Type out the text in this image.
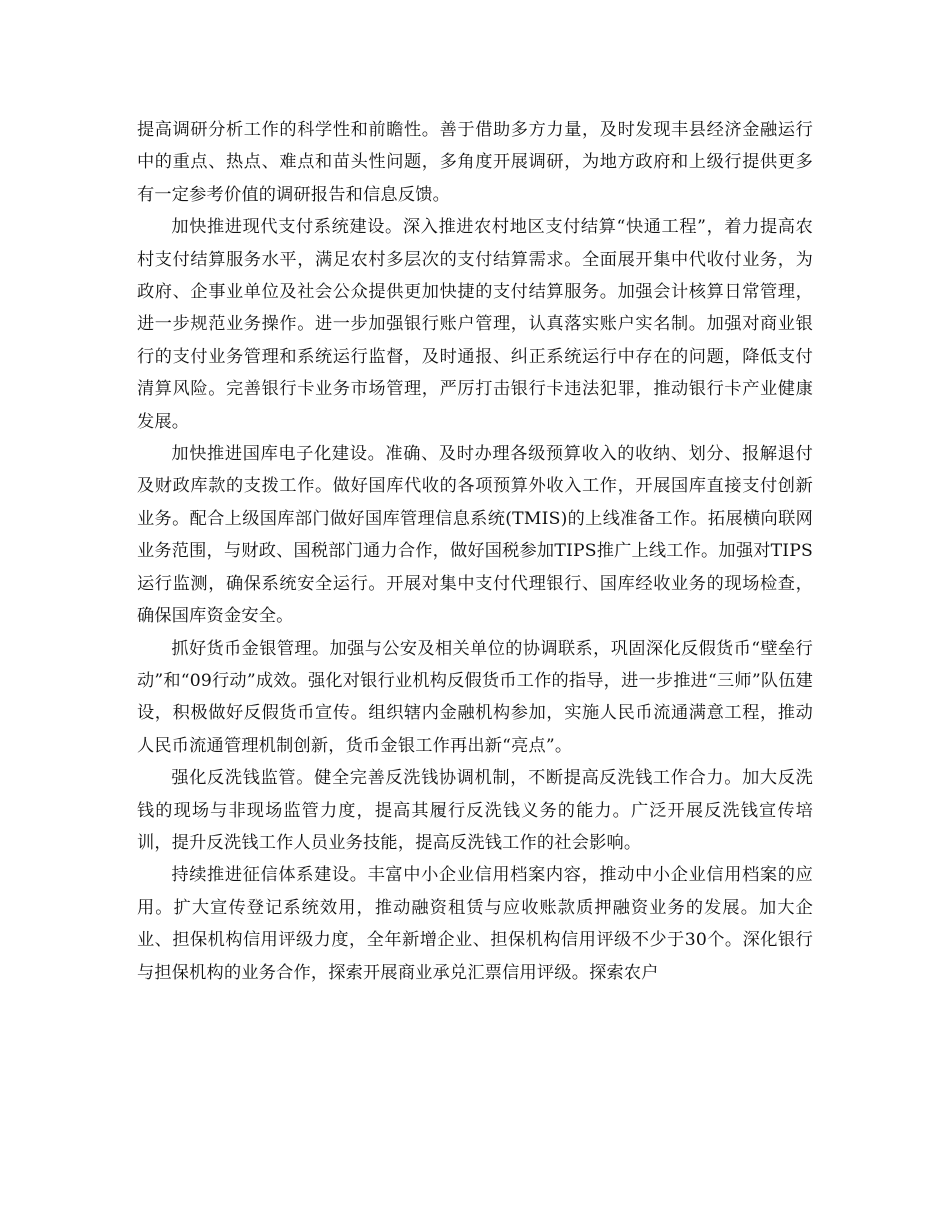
提高调研分析工作的科学性和前瞻性。善于借助多方力量，及时发现丰县经济金融运行中的重点、热点、难点和苗头性问题，多角度开展调研，为地方政府和上级行提供更多有一定参考价值的调研报告和信息反馈。

加快推进现代支付系统建设。深入推进农村地区支付结算“快通工程”，着力提高农村支付结算服务水平，满足农村多层次的支付结算需求。全面展开集中代收付业务，为政府、企事业单位及社会公众提供更加快捷的支付结算服务。加强会计核算日常管理，进一步规范业务操作。进一步加强银行账户管理，认真落实账户实名制。加强对商业银行的支付业务管理和系统运行监督，及时通报、纠正系统运行中存在的问题，降低支付清算风险。完善银行卡业务市场管理，严厉打击银行卡违法犯罪，推动银行卡产业健康发展。

加快推进国库电子化建设。准确、及时办理各级预算收入的收纳、划分、报解退付及财政库款的支拨工作。做好国库代收的各项预算外收入工作，开展国库直接支付创新业务。配合上级国库部门做好国库管理信息系统(TMIS)的上线准备工作。拓展横向联网业务范围，与财政、国税部门通力合作，做好国税参加TIPS推广上线工作。加强对TIPS运行监测，确保系统安全运行。开展对集中支付代理银行、国库经收业务的现场检查，确保国库资金安全。

抓好货币金银管理。加强与公安及相关单位的协调联系，巩固深化反假货币“壁垒行动”和“09行动”成效。强化对银行业机构反假货币工作的指导，进一步推进“三师”队伍建设，积极做好反假货币宣传。组织辖内金融机构参加，实施人民币流通满意工程，推动人民币流通管理机制创新，货币金银工作再出新“亮点”。

强化反洗钱监管。健全完善反洗钱协调机制，不断提高反洗钱工作合力。加大反洗钱的现场与非现场监管力度，提高其履行反洗钱义务的能力。广泛开展反洗钱宣传培训，提升反洗钱工作人员业务技能，提高反洗钱工作的社会影响。

持续推进征信体系建设。丰富中小企业信用档案内容，推动中小企业信用档案的应用。扩大宣传登记系统效用，推动融资租赁与应收账款质押融资业务的发展。加大企业、担保机构信用评级力度，全年新增企业、担保机构信用评级不少于30个。深化银行与担保机构的业务合作，探索开展商业承兑汇票信用评级。探索农户
